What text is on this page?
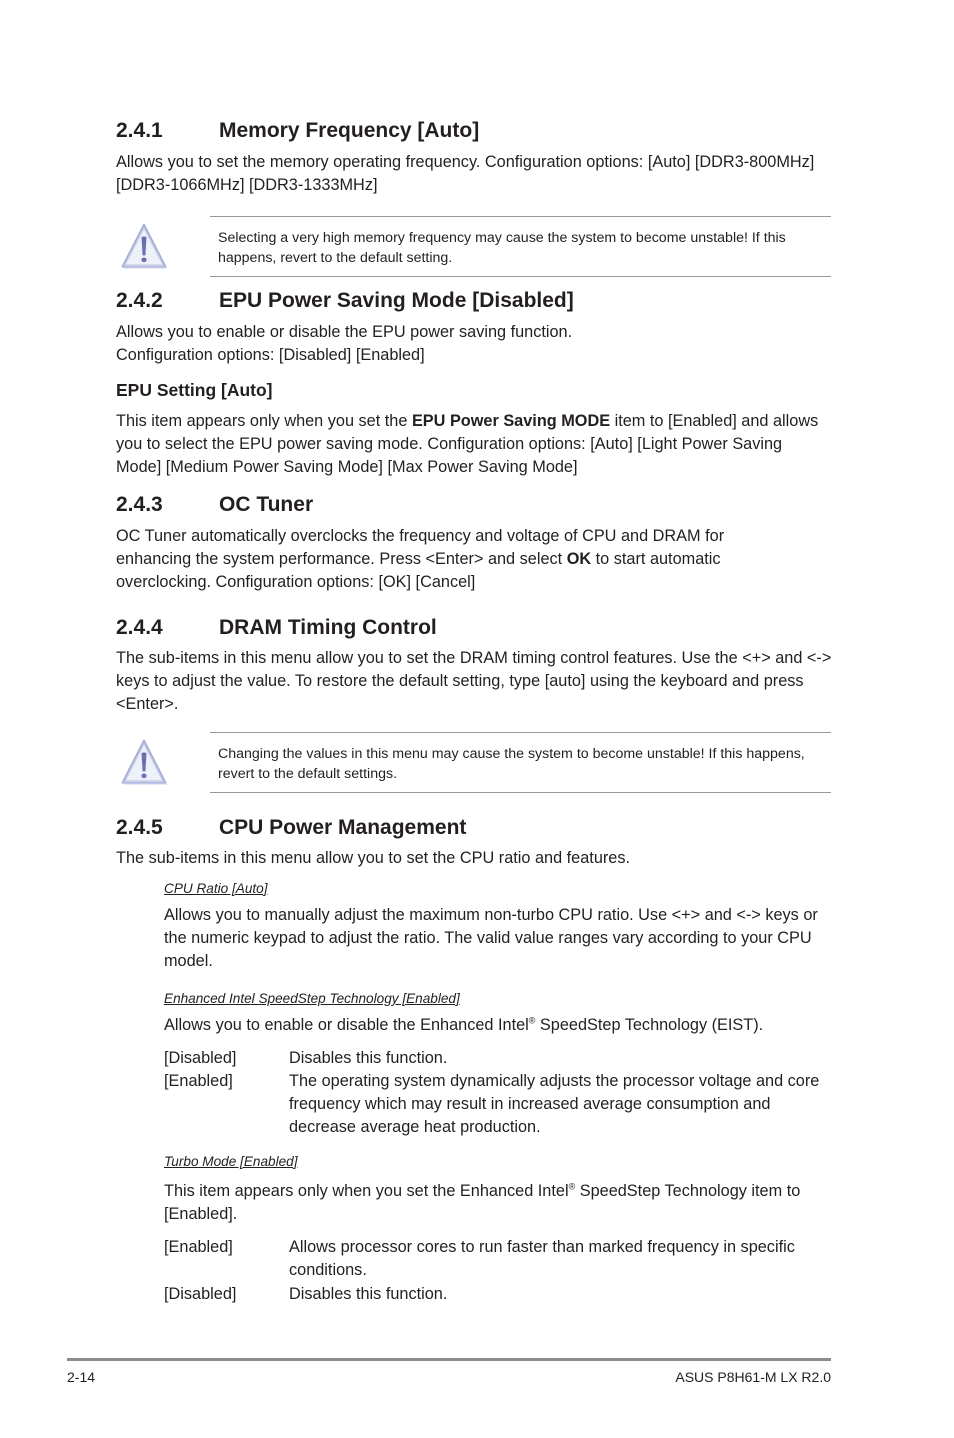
2.4.1	Memory Frequency [Auto]
Allows you to set the memory operating frequency. Configuration options: [Auto] [DDR3-800MHz] [DDR3-1066MHz] [DDR3-1333MHz]
Selecting a very high memory frequency may cause the system to become unstable! If this happens, revert to the default setting.
2.4.2	EPU Power Saving Mode [Disabled]
Allows you to enable or disable the EPU power saving function.
Configuration options: [Disabled] [Enabled]
EPU Setting [Auto]
This item appears only when you set the EPU Power Saving MODE item to [Enabled] and allows you to select the EPU power saving mode. Configuration options: [Auto] [Light Power Saving Mode] [Medium Power Saving Mode] [Max Power Saving Mode]
2.4.3	OC Tuner
OC Tuner automatically overclocks the frequency and voltage of CPU and DRAM for enhancing the system performance. Press <Enter> and select OK to start automatic overclocking. Configuration options: [OK] [Cancel]
2.4.4	DRAM Timing Control
The sub-items in this menu allow you to set the DRAM timing control features. Use the <+> and <-> keys to adjust the value. To restore the default setting, type [auto] using the keyboard and press <Enter>.
Changing the values in this menu may cause the system to become unstable! If this happens, revert to the default settings.
2.4.5	CPU Power Management
The sub-items in this menu allow you to set the CPU ratio and features.
CPU Ratio [Auto]
Allows you to manually adjust the maximum non-turbo CPU ratio. Use <+> and <-> keys or the numeric keypad to adjust the ratio. The valid value ranges vary according to your CPU model.
Enhanced Intel SpeedStep Technology [Enabled]
Allows you to enable or disable the Enhanced Intel® SpeedStep Technology (EIST).
[Disabled]	Disables this function.
[Enabled]	The operating system dynamically adjusts the processor voltage and core frequency which may result in increased average consumption and decrease average heat production.
Turbo Mode [Enabled]
This item appears only when you set the Enhanced Intel® SpeedStep Technology item to [Enabled].
[Enabled]	Allows processor cores to run faster than marked frequency in specific conditions.
[Disabled]	Disables this function.
2-14	ASUS P8H61-M LX R2.0
